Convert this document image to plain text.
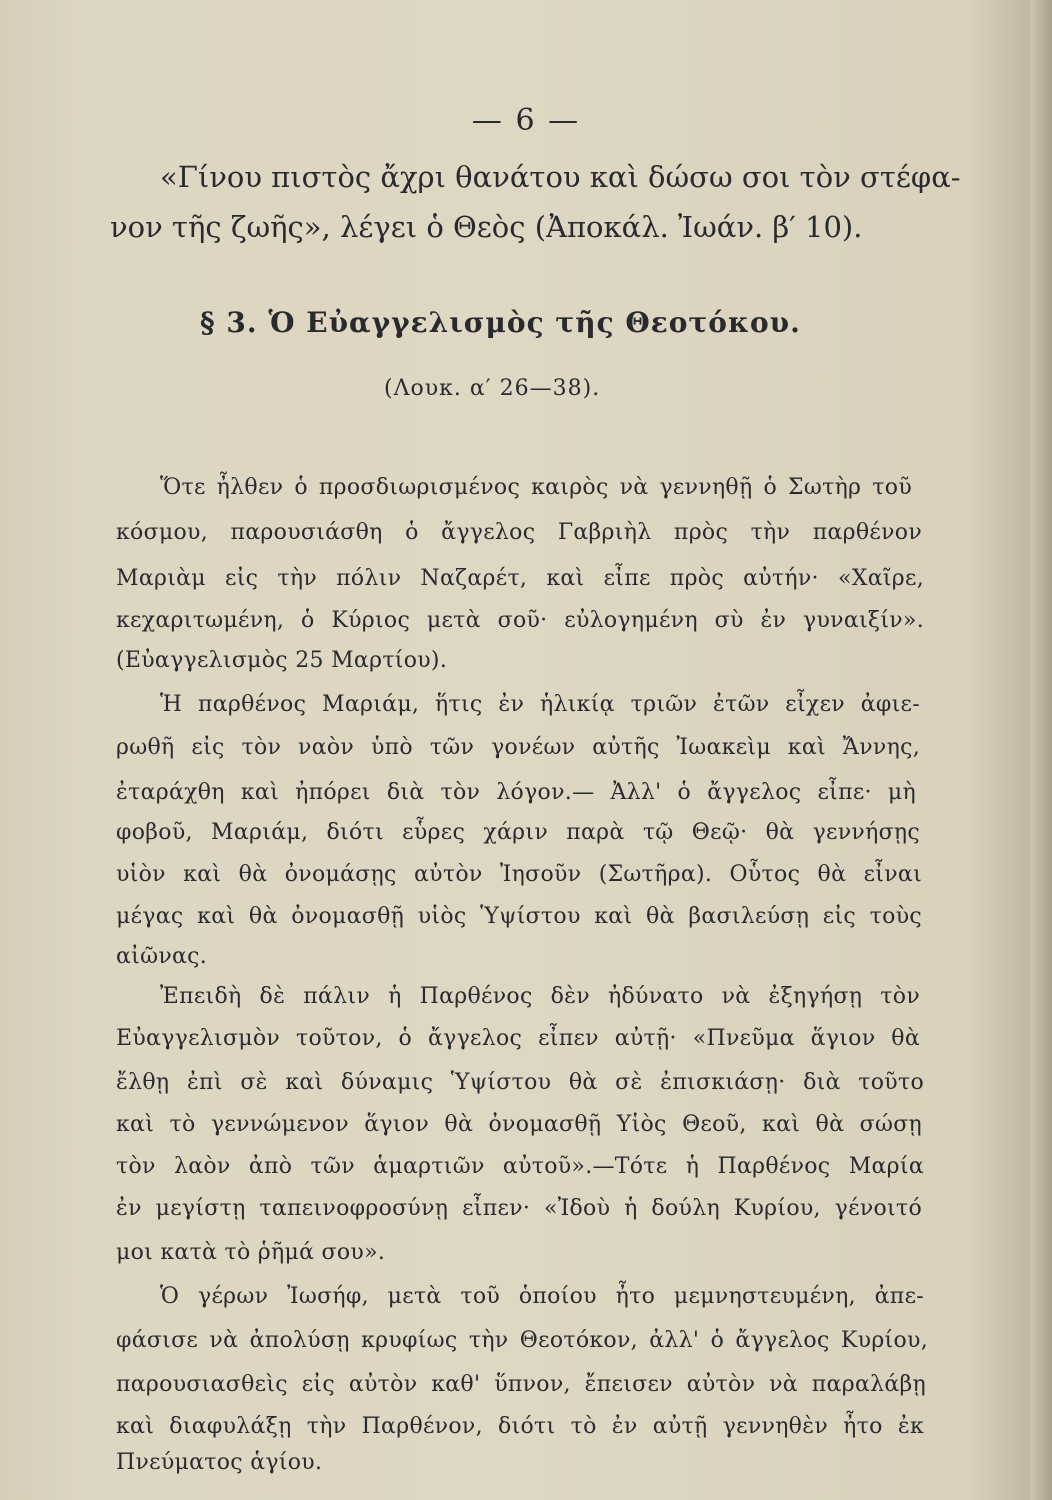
— 6 —
«Γίνου πιστὸς ἄχρι θανάτου καὶ δώσω σοι τὸν στέφα-
νον τῆς ζωῆς», λέγει ὁ Θεὸς (Ἀποκάλ. Ἰωάν. β′ 10).
§ 3. Ὁ Εὐαγγελισμὸς τῆς Θεοτόκου.
(Λουκ. α′ 26—38).
Ὅτε ἦλθεν ὁ προσδιωρισμένος καιρὸς νὰ γεννηθῇ ὁ Σωτὴρ τοῦ
κόσμου, παρουσιάσθη ὁ ἄγγελος Γαβριὴλ πρὸς τὴν παρθένον
Μαριὰμ εἰς τὴν πόλιν Ναζαρέτ, καὶ εἶπε πρὸς αὐτήν· «Χαῖρε,
κεχαριτωμένη, ὁ Κύριος μετὰ σοῦ· εὐλογημένη σὺ ἐν γυναιξίν».
(Εὐαγγελισμὸς 25 Μαρτίου).
Ἡ παρθένος Μαριάμ, ἥτις ἐν ἡλικίᾳ τριῶν ἐτῶν εἶχεν ἀφιε-
ρωθῆ εἰς τὸν ναὸν ὑπὸ τῶν γονέων αὐτῆς Ἰωακεὶμ καὶ Ἄννης,
ἐταράχθη καὶ ἠπόρει διὰ τὸν λόγον.— Ἀλλ' ὁ ἄγγελος εἶπε· μὴ
φοβοῦ, Μαριάμ, διότι εὗρες χάριν παρὰ τῷ Θεῷ· θὰ γεννήσῃς
υἱὸν καὶ θὰ ὀνομάσῃς αὐτὸν Ἰησοῦν (Σωτῆρα). Οὗτος θὰ εἶναι
μέγας καὶ θὰ ὀνομασθῇ υἱὸς Ὑψίστου καὶ θὰ βασιλεύσῃ εἰς τοὺς
αἰῶνας.
Ἐπειδὴ δὲ πάλιν ἡ Παρθένος δὲν ἠδύνατο νὰ ἐξηγήσῃ τὸν
Εὐαγγελισμὸν τοῦτον, ὁ ἄγγελος εἶπεν αὐτῇ· «Πνεῦμα ἅγιον θὰ
ἔλθῃ ἐπὶ σὲ καὶ δύναμις Ὑψίστου θὰ σὲ ἐπισκιάσῃ· διὰ τοῦτο
καὶ τὸ γεννώμενον ἅγιον θὰ ὀνομασθῇ Υἱὸς Θεοῦ, καὶ θὰ σώσῃ
τὸν λαὸν ἀπὸ τῶν ἁμαρτιῶν αὐτοῦ».—Τότε ἡ Παρθένος Μαρία
ἐν μεγίστῃ ταπεινοφροσύνῃ εἶπεν· «Ἰδοὺ ἡ δούλη Κυρίου, γένοιτό
μοι κατὰ τὸ ῥῆμά σου».
Ὁ γέρων Ἰωσήφ, μετὰ τοῦ ὁποίου ἦτο μεμνηστευμένη, ἀπε-
φάσισε νὰ ἀπολύσῃ κρυφίως τὴν Θεοτόκον, ἀλλ' ὁ ἄγγελος Κυρίου,
παρουσιασθεὶς εἰς αὐτὸν καθ' ὕπνον, ἔπεισεν αὐτὸν νὰ παραλάβῃ
καὶ διαφυλάξῃ τὴν Παρθένον, διότι τὸ ἐν αὐτῇ γεννηθὲν ἦτο ἐκ
Πνεύματος ἁγίου.
